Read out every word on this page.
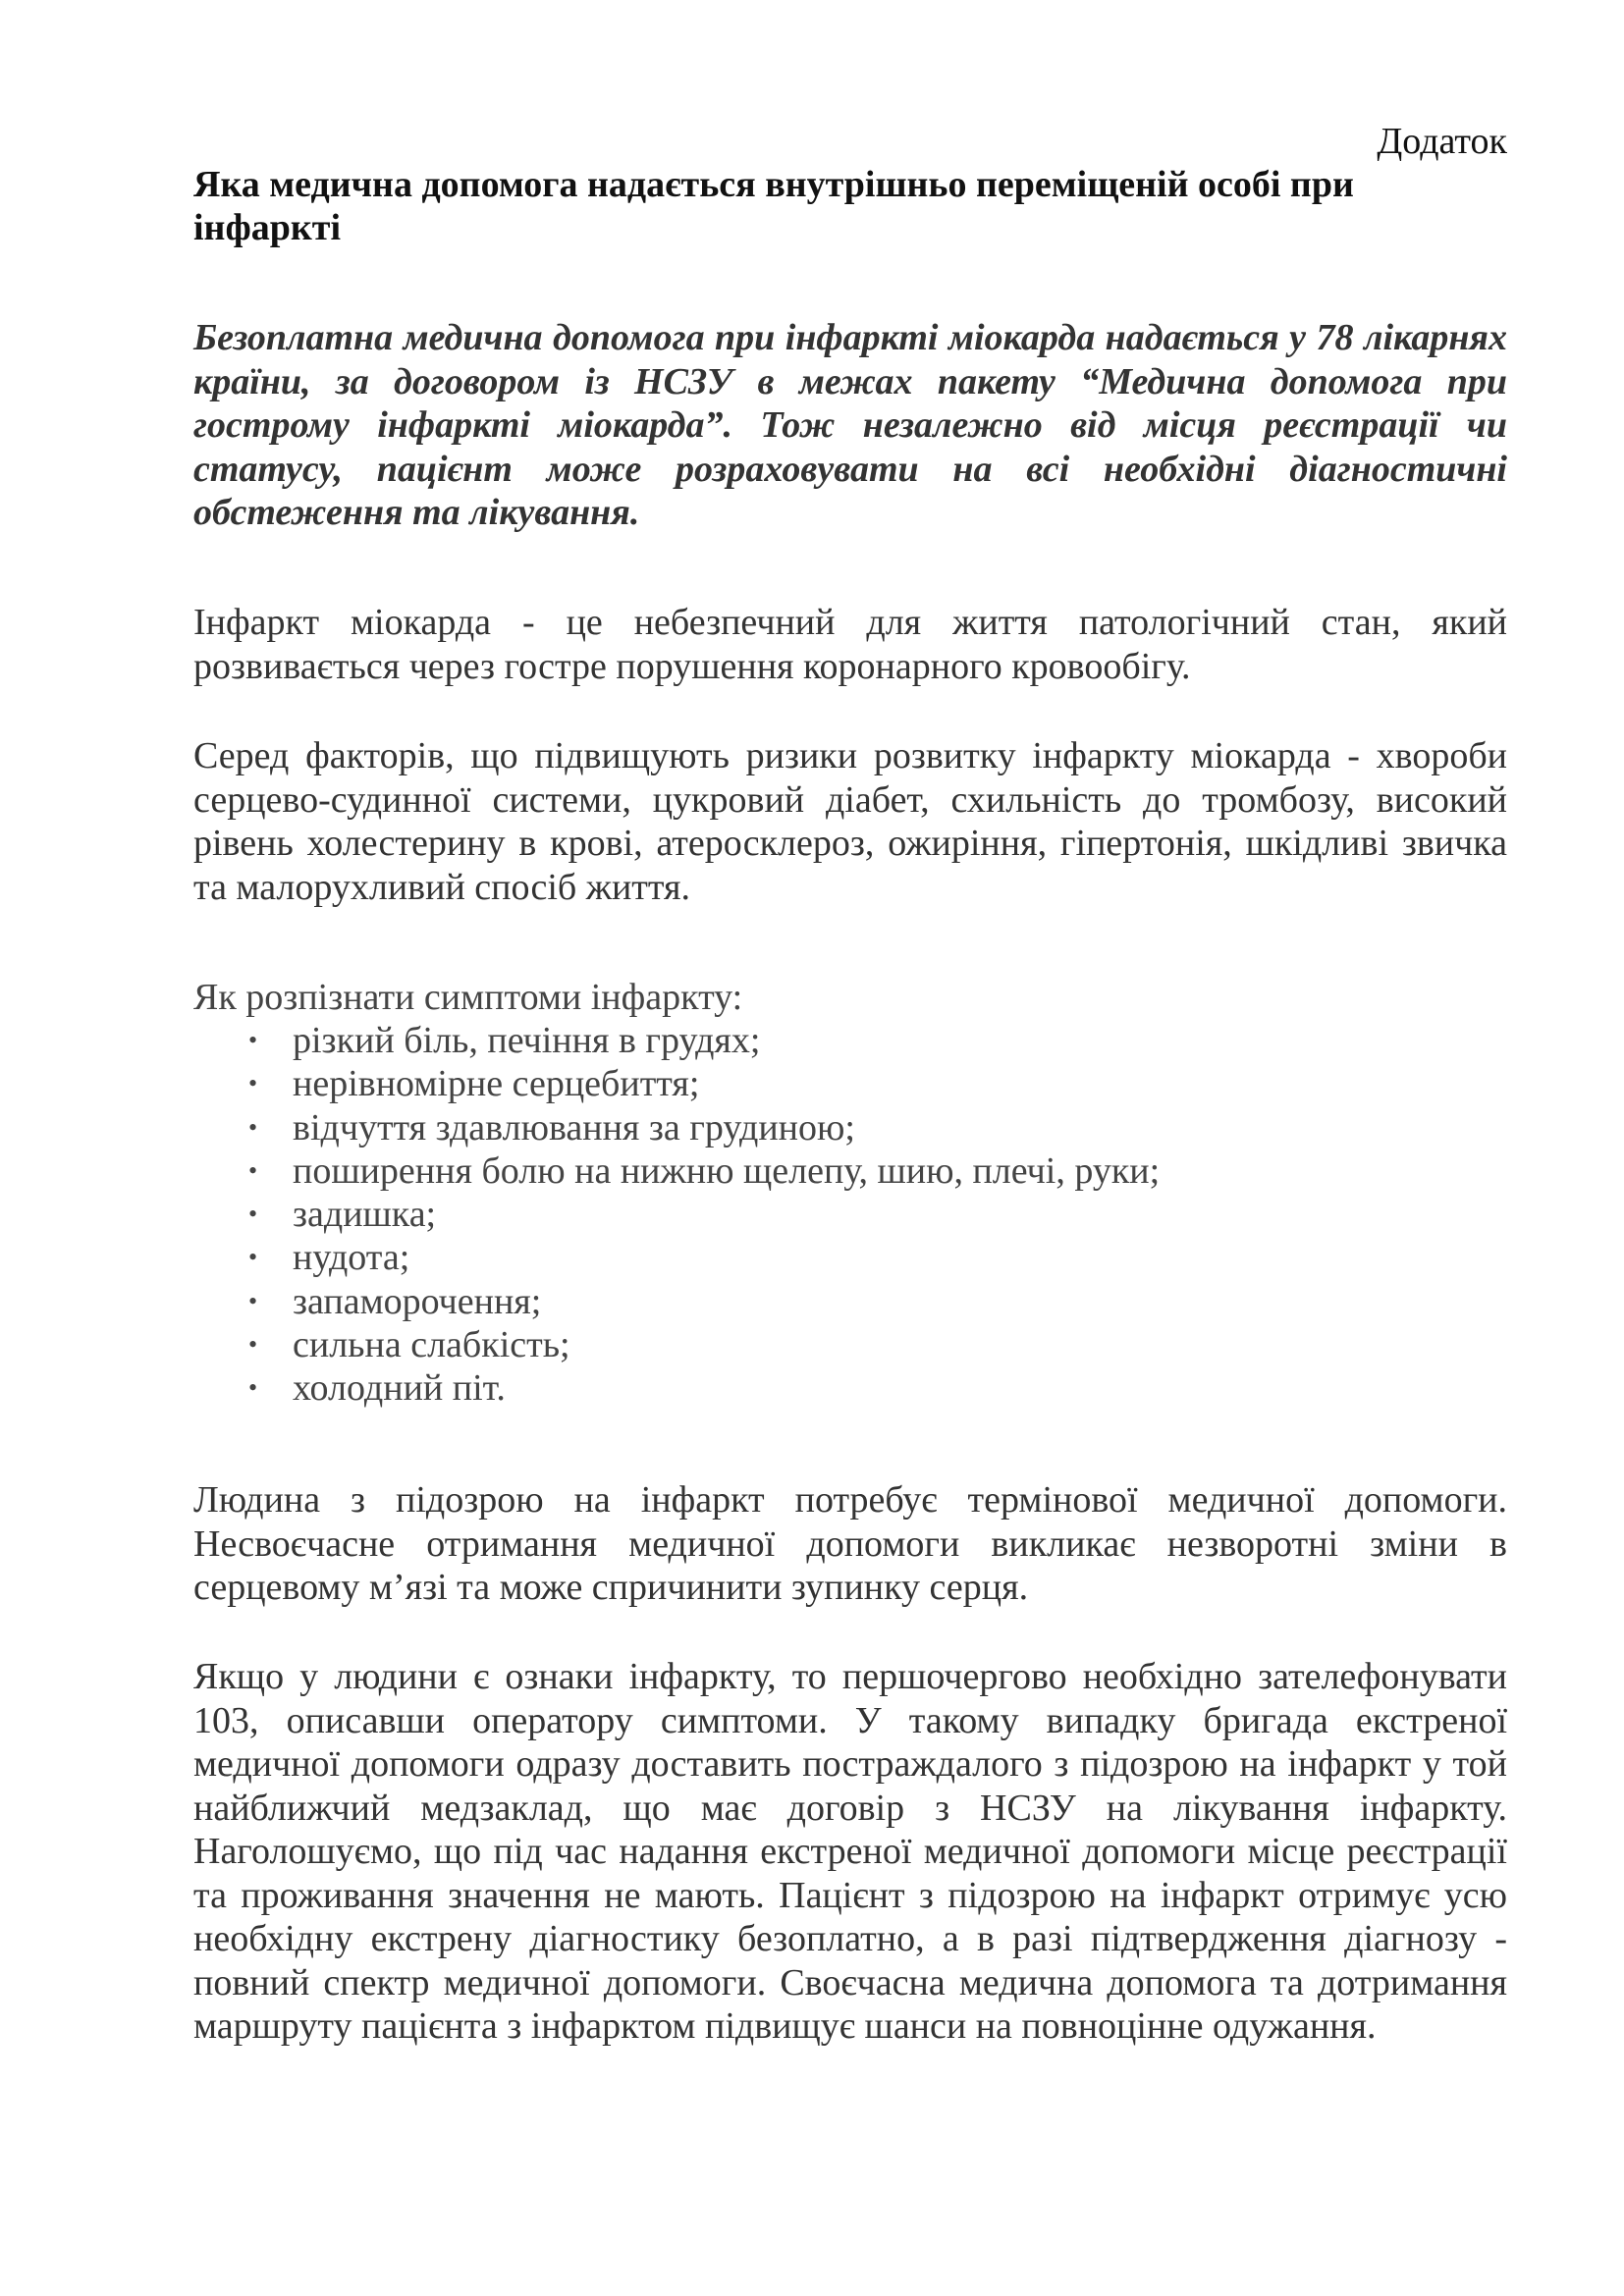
Додаток
Яка медична допомога надається внутрішньо переміщеній особі при інфаркті

Безоплатна медична допомога при інфаркті міокарда надається у 78 лікарнях країни, за договором із НСЗУ в межах пакету “Медична допомога при гострому інфаркті міокарда”. Тож незалежно від місця реєстрації чи статусу, пацієнт може розраховувати на всі необхідні діагностичні обстеження та лікування.

Інфаркт міокарда - це небезпечний для життя патологічний стан, який розвивається через гостре порушення коронарного кровообігу.

Серед факторів, що підвищують ризики розвитку інфаркту міокарда - хвороби серцево-судинної системи, цукровий діабет, схильність до тромбозу, високий рівень холестерину в крові, атеросклероз, ожиріння, гіпертонія, шкідливі звичка та малорухливий спосіб життя.

Як розпізнати симптоми інфаркту:

• різкий біль, печіння в грудях;
• нерівномірне серцебиття;
• відчуття здавлювання за грудиною;
• поширення болю на нижню щелепу, шию, плечі, руки;
• задишка;
• нудота;
• запаморочення;
• сильна слабкість;
• холодний піт.

Людина з підозрою на інфаркт потребує термінової медичної допомоги. Несвоєчасне отримання медичної допомоги викликає незворотні зміни в серцевому м’язі та може спричинити зупинку серця.

Якщо у людини є ознаки інфаркту, то першочергово необхідно зателефонувати 103, описавши оператору симптоми. У такому випадку бригада екстреної медичної допомоги одразу доставить постраждалого з підозрою на інфаркт у той найближчий медзаклад, що має договір з НСЗУ на лікування інфаркту. Наголошуємо, що під час надання екстреної медичної допомоги місце реєстрації та проживання значення не мають. Пацієнт з підозрою на інфаркт отримує усю необхідну екстрену діагностику безоплатно, а в разі підтвердження діагнозу - повний спектр медичної допомоги. Своєчасна медична допомога та дотримання маршруту пацієнта з інфарктом підвищує шанси на повноцінне одужання.
